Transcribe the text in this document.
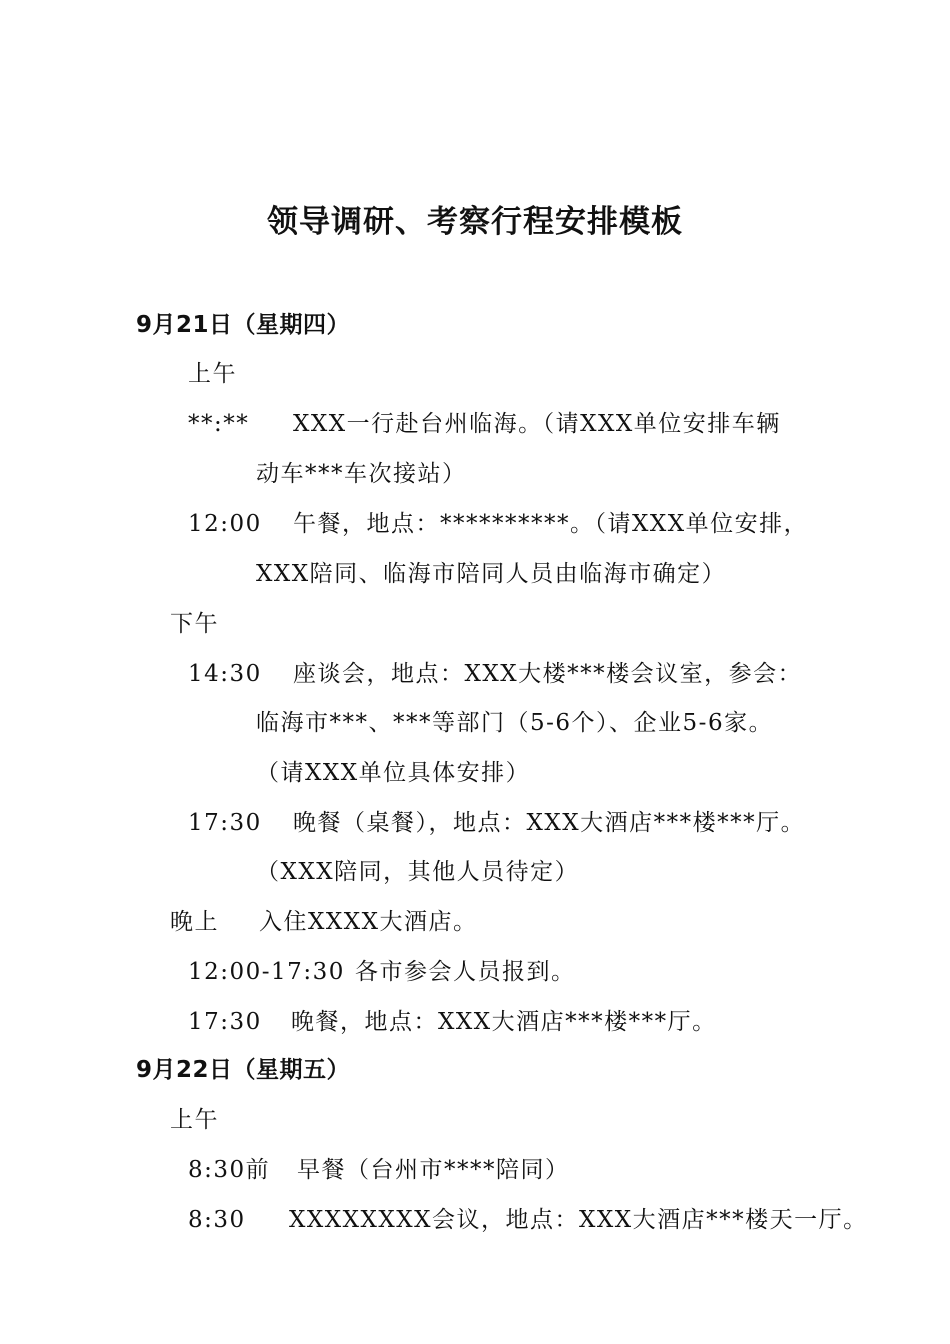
领导调研、考察行程安排模板
9月21日（星期四）
上午
**:** XXX一行赴台州临海。（请XXX单位安排车辆
动车***车次接站）
12:00 午餐，地点：**********。（请XXX单位安排，
XXX陪同、临海市陪同人员由临海市确定）
下午
14:30 座谈会，地点：XXX大楼***楼会议室，参会：
临海市***、***等部门（5-6个）、企业5-6家。
（请XXX单位具体安排）
17:30 晚餐（桌餐），地点：XXX大酒店***楼***厅。
（XXX陪同，其他人员待定）
晚上 入住XXXX大酒店。
12:00-17:30 各市参会人员报到。
17:30 晚餐，地点：XXX大酒店***楼***厅。
9月22日（星期五）
上午
8:30前 早餐（台州市****陪同）
8:30 XXXXXXXX会议，地点：XXX大酒店***楼天一厅。
